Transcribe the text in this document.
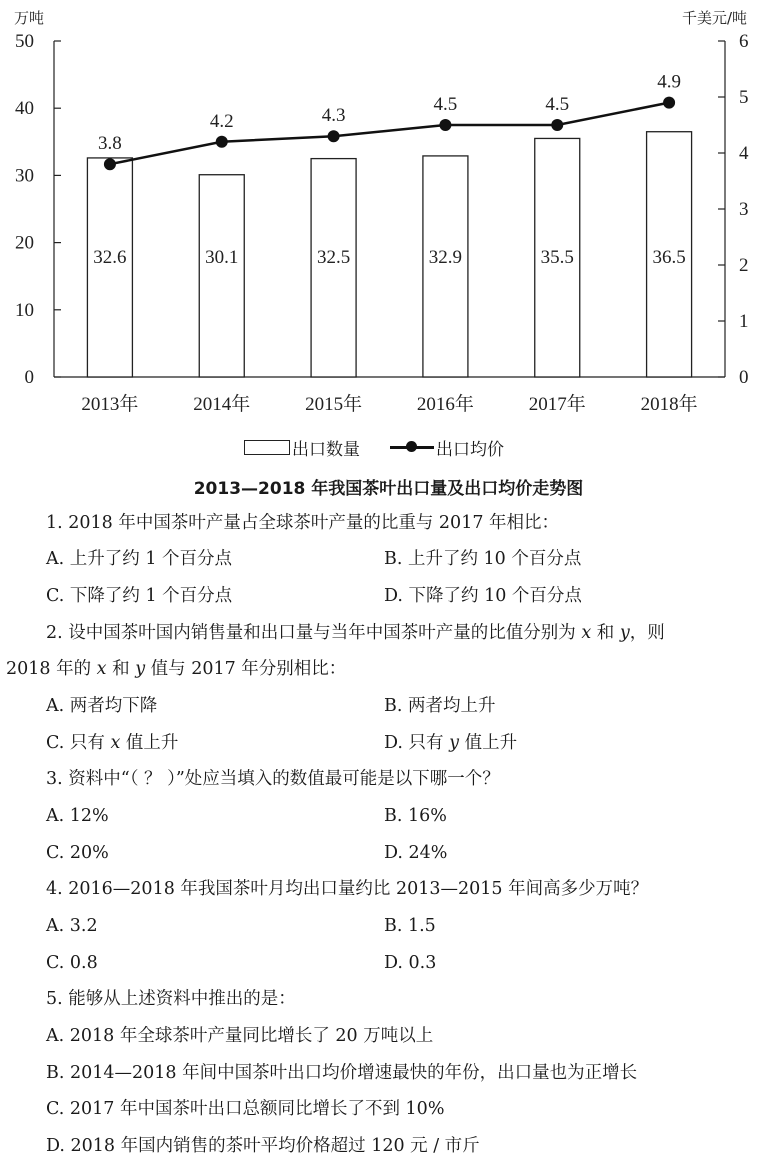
万吨	千美元/吨
0
10
20
30
40
50
0
1
2
3
4
5
6
2013年	2014年	2015年	2016年	2017年	2018年
32.6	30.1	32.5	32.9	35.5	36.5
3.8
4.2	4.3
4.5	4.5
4.9
出口数量	出口均价
2013—2018 年我国茶叶出口量及出口均价走势图
1. 2018 年中国茶叶产量占全球茶叶产量的比重与 2017 年相比：
A. 上升了约 1 个百分点	B. 上升了约 10 个百分点
C. 下降了约 1 个百分点	D. 下降了约 10 个百分点
2. 设中国茶叶国内销售量和出口量与当年中国茶叶产量的比值分别为 x 和 y，则
2018 年的 x 和 y 值与 2017 年分别相比：
A. 两者均下降	B. 两者均上升
C. 只有 x 值上升	D. 只有 y 值上升
3. 资料中“（ ？ ）”处应当填入的数值最可能是以下哪一个？
A. 12%	B. 16%
C. 20%	D. 24%
4. 2016—2018 年我国茶叶月均出口量约比 2013—2015 年间高多少万吨？
A. 3.2	B. 1.5
C. 0.8	D. 0.3
5. 能够从上述资料中推出的是：
A. 2018 年全球茶叶产量同比增长了 20 万吨以上
B. 2014—2018 年间中国茶叶出口均价增速最快的年份，出口量也为正增长
C. 2017 年中国茶叶出口总额同比增长了不到 10%
D. 2018 年国内销售的茶叶平均价格超过 120 元 / 市斤
